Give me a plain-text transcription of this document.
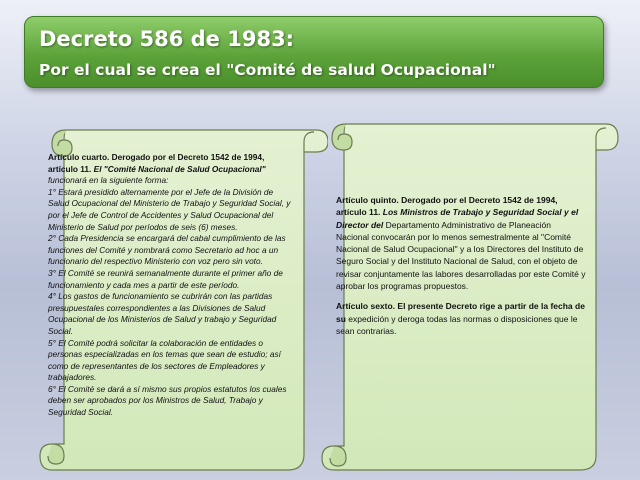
Decreto 586 de 1983:
Por el cual se crea el "Comité de salud Ocupacional"

Artículo cuarto. Derogado por el Decreto 1542 de 1994, artículo 11. El "Comité Nacional de Salud Ocupacional" funcionará en la siguiente forma:

1° Estará presidido alternamente por el Jefe de la División de Salud Ocupacional del Ministerio de Trabajo y Seguridad Social, y por el Jefe de Control de Accidentes y Salud Ocupacional del Ministerio de Salud por períodos de seis (6) meses.

2° Cada Presidencia se encargará del cabal cumplimiento de las funciones del Comité y nombrará como Secretario ad hoc a un funcionario del respectivo Ministerio con voz pero sin voto.

3° El Comité se reunirá semanalmente durante el primer año de funcionamiento y cada mes a partir de este período.

4° Los gastos de funcionamiento se cubrirán con las partidas presupuestales correspondientes a las Divisiones de Salud Ocupacional de los Ministerios de Salud y trabajo y Seguridad Social.

5° El Comité podrá solicitar la colaboración de entidades o personas especializadas en los temas que sean de estudio; así como de representantes de los sectores de Empleadores y trabajadores.

6° El Comité se dará a sí mismo sus propios estatutos los cuales deben ser aprobados por los Ministros de Salud, Trabajo y Seguridad Social.

Artículo quinto. Derogado por el Decreto 1542 de 1994, artículo 11. Los Ministros de Trabajo y Seguridad Social y el Director del Departamento Administrativo de Planeación Nacional convocarán por lo menos semestralmente al "Comité Nacional de Salud Ocupacional" y a los Directores del Instituto de Seguro Social y del Instituto Nacional de Salud, con el objeto de revisar conjuntamente las labores desarrolladas por este Comité y aprobar los programas propuestos.

Artículo sexto. El presente Decreto rige a partir de la fecha de su expedición y deroga todas las normas o disposiciones que le sean contrarias.
